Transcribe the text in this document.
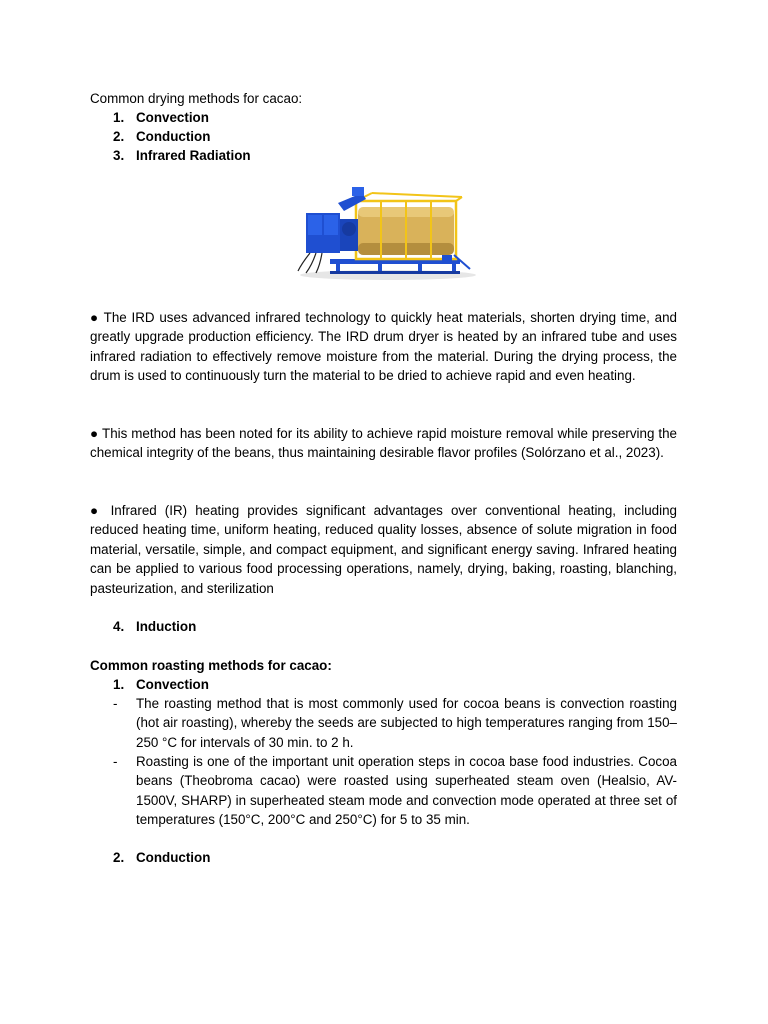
Common drying methods for cacao:
1. Convection
2. Conduction
3. Infrared Radiation
● The IRD uses advanced infrared technology to quickly heat materials, shorten drying time, and greatly upgrade production efficiency. The IRD drum dryer is heated by an infrared tube and uses infrared radiation to effectively remove moisture from the material. During the drying process, the drum is used to continuously turn the material to be dried to achieve rapid and even heating.
● This method has been noted for its ability to achieve rapid moisture removal while preserving the chemical integrity of the beans, thus maintaining desirable flavor profiles (Solórzano et al., 2023).
● Infrared (IR) heating provides significant advantages over conventional heating, including reduced heating time, uniform heating, reduced quality losses, absence of solute migration in food material, versatile, simple, and compact equipment, and significant energy saving. Infrared heating can be applied to various food processing operations, namely, drying, baking, roasting, blanching, pasteurization, and sterilization
4. Induction
Common roasting methods for cacao:
1. Convection
- The roasting method that is most commonly used for cocoa beans is convection roasting (hot air roasting), whereby the seeds are subjected to high temperatures ranging from 150–250 °C for intervals of 30 min. to 2 h.
- Roasting is one of the important unit operation steps in cocoa base food industries. Cocoa beans (Theobroma cacao) were roasted using superheated steam oven (Healsio, AV-1500V, SHARP) in superheated steam mode and convection mode operated at three set of temperatures (150°C, 200°C and 250°C) for 5 to 35 min.
2. Conduction
